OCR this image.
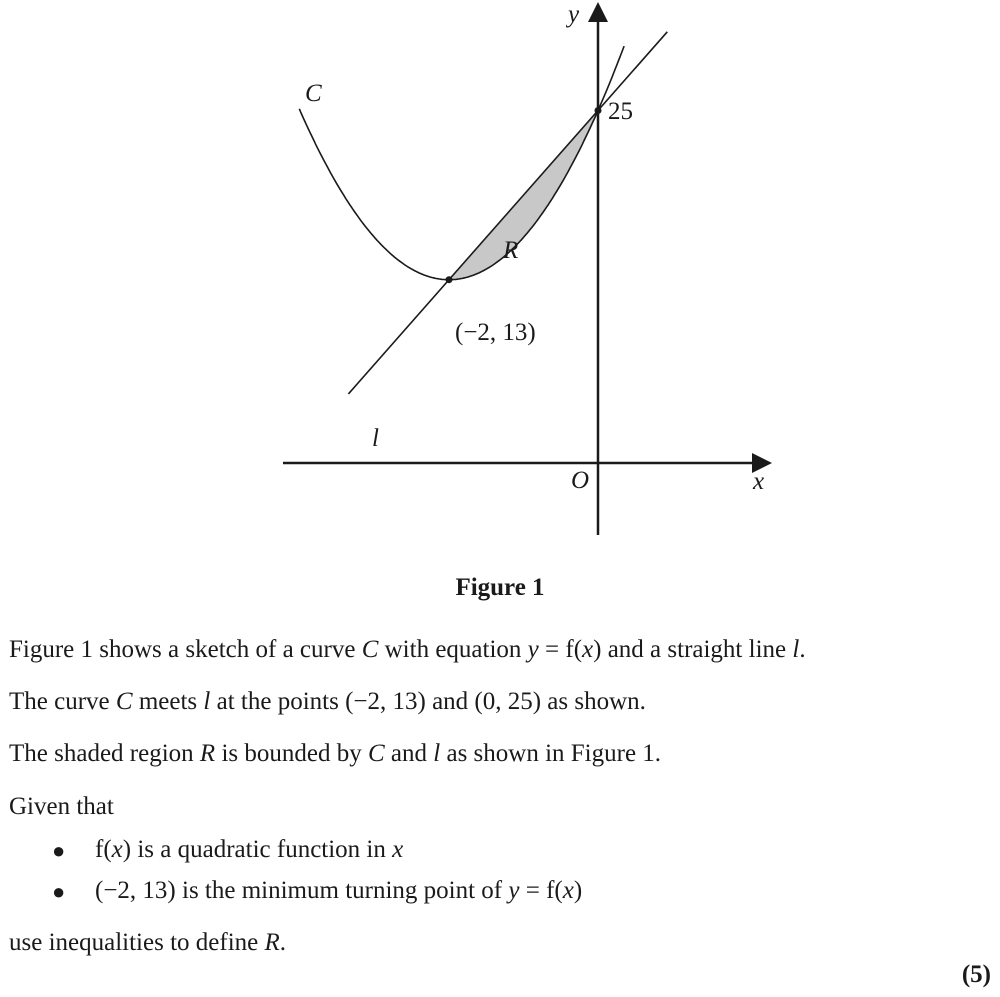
C
l
R
(−2, 13)
25
x
y
O
Figure 1
Figure 1 shows a sketch of a curve C with equation y = f(x) and a straight line l.
The curve C meets l at the points (−2, 13) and (0, 25) as shown.
The shaded region R is bounded by C and l as shown in Figure 1.
Given that
● f(x) is a quadratic function in x
● (−2, 13) is the minimum turning point of y = f(x)
use inequalities to define R.
(5)
